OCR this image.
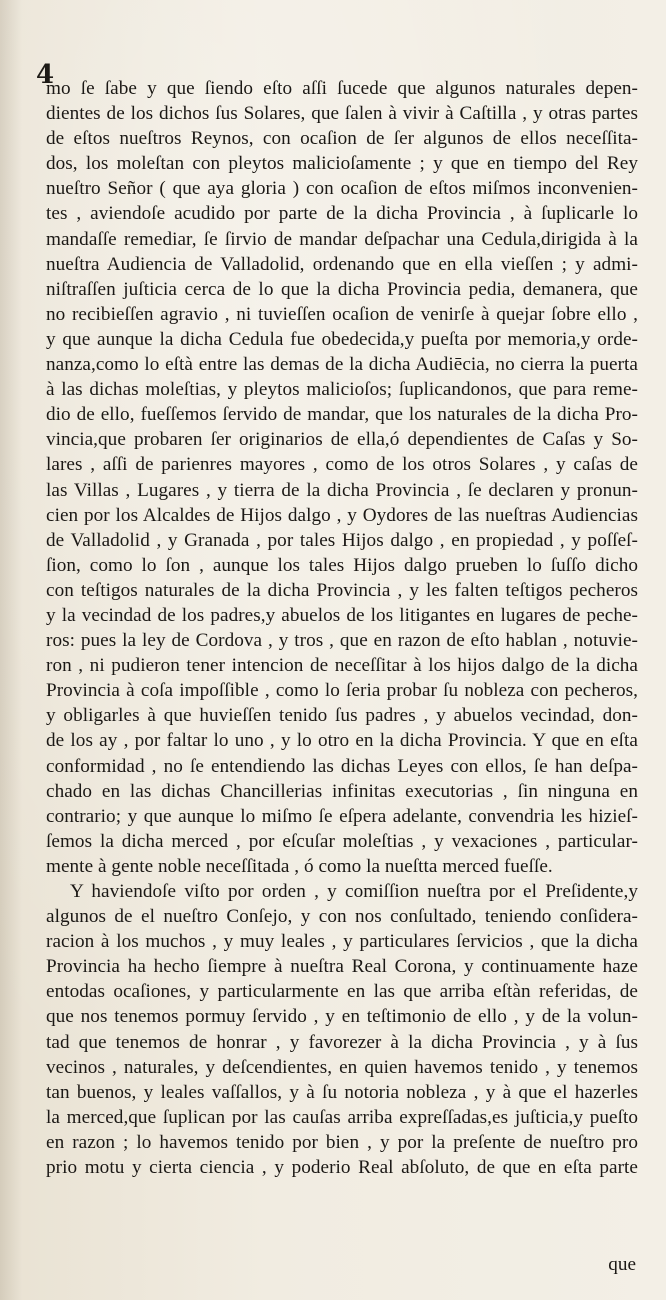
4
mo ſe ſabe y que ſiendo eſto aſſi ſucede que algunos naturales depen-
dientes de los dichos ſus Solares, que ſalen à vivir à Caſtilla , y otras partes
de eſtos nueſtros Reynos, con ocaſion de ſer algunos de ellos neceſſita-
dos, los moleſtan con pleytos malicioſamente ; y que en tiempo del Rey
nueſtro Señor ( que aya gloria ) con ocaſion de eſtos miſmos inconvenien-
tes , aviendoſe acudido por parte de la dicha Provincia , à ſuplicarle lo
mandaſſe remediar, ſe ſirvio de mandar deſpachar una Cedula,dirigida à la
nueſtra Audiencia de Valladolid, ordenando que en ella vieſſen ; y admi-
niſtraſſen juſticia cerca de lo que la dicha Provincia pedia, demanera, que
no recibieſſen agravio , ni tuvieſſen ocaſion de venirſe à quejar ſobre ello ,
y que aunque la dicha Cedula fue obedecida,y pueſta por memoria,y orde-
nanza,como lo eſtà entre las demas de la dicha Audiēcia, no cierra la puerta
à las dichas moleſtias, y pleytos malicioſos; ſuplicandonos, que para reme-
dio de ello, fueſſemos ſervido de mandar, que los naturales de la dicha Pro-
vincia,que probaren ſer originarios de ella,ó dependientes de Caſas y So-
lares , aſſi de parienres mayores , como de los otros Solares , y caſas de
las Villas , Lugares , y tierra de la dicha Provincia , ſe declaren y pronun-
cien por los Alcaldes de Hijos dalgo , y Oydores de las nueſtras Audiencias
de Valladolid , y Granada , por tales Hijos dalgo , en propiedad , y poſſeſ-
ſion, como lo ſon , aunque los tales Hijos dalgo prueben lo ſuſſo dicho
con teſtigos naturales de la dicha Provincia , y les falten teſtigos pecheros
y la vecindad de los padres,y abuelos de los litigantes en lugares de peche-
ros: pues la ley de Cordova , y tros , que en razon de eſto hablan , notuvie-
ron , ni pudieron tener intencion de neceſſitar à los hijos dalgo de la dicha
Provincia à coſa impoſſible , como lo ſeria probar ſu nobleza con pecheros,
y obligarles à que huvieſſen tenido ſus padres , y abuelos vecindad, don-
de los ay , por faltar lo uno , y lo otro en la dicha Provincia. Y que en eſta
conformidad , no ſe entendiendo las dichas Leyes con ellos, ſe han deſpa-
chado en las dichas Chancillerias infinitas executorias , ſin ninguna en
contrario; y que aunque lo miſmo ſe eſpera adelante, convendria les hizieſ-
ſemos la dicha merced , por eſcuſar moleſtias , y vexaciones , particular-
mente à gente noble neceſſitada , ó como la nueſtta merced fueſſe.
Y haviendoſe viſto por orden , y comiſſion nueſtra por el Preſidente,y
algunos de el nueſtro Conſejo, y con nos conſultado, teniendo conſidera-
racion à los muchos , y muy leales , y particulares ſervicios , que la dicha
Provincia ha hecho ſiempre à nueſtra Real Corona, y continuamente haze
entodas ocaſiones, y particularmente en las que arriba eſtàn referidas, de
que nos tenemos pormuy ſervido , y en teſtimonio de ello , y de la volun-
tad que tenemos de honrar , y favorezer à la dicha Provincia , y à ſus
vecinos , naturales, y deſcendientes, en quien havemos tenido , y tenemos
tan buenos, y leales vaſſallos, y à ſu notoria nobleza , y à que el hazerles
la merced,que ſuplican por las cauſas arriba expreſſadas,es juſticia,y pueſto
en razon ; lo havemos tenido por bien , y por la preſente de nueſtro pro
prio motu y cierta ciencia , y poderio Real abſoluto, de que en eſta parte
que
